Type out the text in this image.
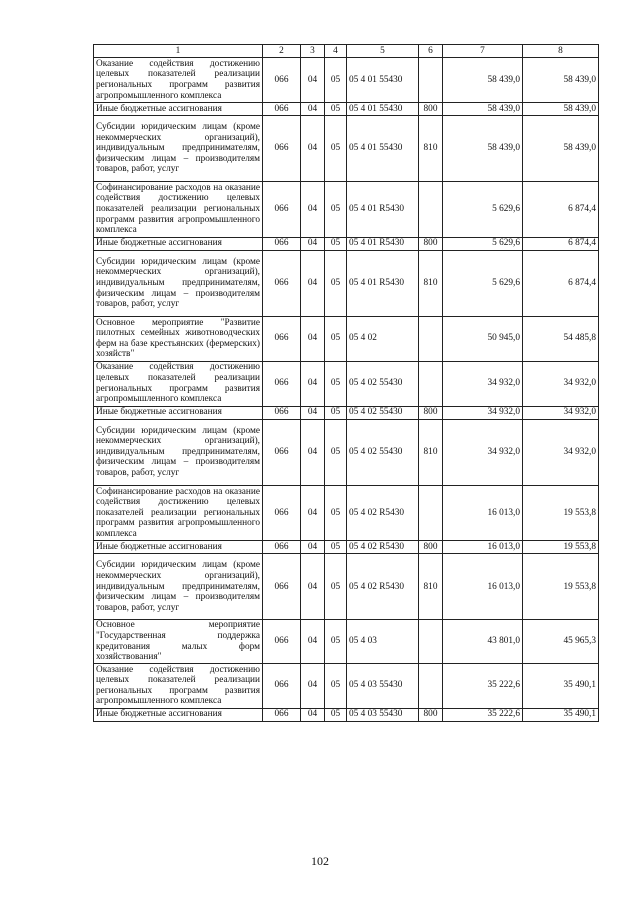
1	2	3	4	5	6	7	8
Оказание содействия достижению целевых показателей реализации региональных программ развития агропромышленного комплекса	066	04	05	05 4 01 55430		58 439,0	58 439,0
Иные бюджетные ассигнования	066	04	05	05 4 01 55430	800	58 439,0	58 439,0
Субсидии юридическим лицам (кроме некоммерческих организаций), индивидуальным предпринимателям, физическим лицам – производителям товаров, работ, услуг	066	04	05	05 4 01 55430	810	58 439,0	58 439,0
Софинансирование расходов на оказание содействия достижению целевых показателей реализации региональных программ развития агропромышленного комплекса	066	04	05	05 4 01 R5430		5 629,6	6 874,4
Иные бюджетные ассигнования	066	04	05	05 4 01 R5430	800	5 629,6	6 874,4
Субсидии юридическим лицам (кроме некоммерческих организаций), индивидуальным предпринимателям, физическим лицам – производителям товаров, работ, услуг	066	04	05	05 4 01 R5430	810	5 629,6	6 874,4
Основное мероприятие "Развитие пилотных семейных животноводческих ферм на базе крестьянских (фермерских) хозяйств"	066	04	05	05 4 02		50 945,0	54 485,8
Оказание содействия достижению целевых показателей реализации региональных программ развития агропромышленного комплекса	066	04	05	05 4 02 55430		34 932,0	34 932,0
Иные бюджетные ассигнования	066	04	05	05 4 02 55430	800	34 932,0	34 932,0
Субсидии юридическим лицам (кроме некоммерческих организаций), индивидуальным предпринимателям, физическим лицам – производителям товаров, работ, услуг	066	04	05	05 4 02 55430	810	34 932,0	34 932,0
Софинансирование расходов на оказание содействия достижению целевых показателей реализации региональных программ развития агропромышленного комплекса	066	04	05	05 4 02 R5430		16 013,0	19 553,8
Иные бюджетные ассигнования	066	04	05	05 4 02 R5430	800	16 013,0	19 553,8
Субсидии юридическим лицам (кроме некоммерческих организаций), индивидуальным предпринимателям, физическим лицам – производителям товаров, работ, услуг	066	04	05	05 4 02 R5430	810	16 013,0	19 553,8
Основное мероприятие "Государственная поддержка кредитования малых форм хозяйствования"	066	04	05	05 4 03		43 801,0	45 965,3
Оказание содействия достижению целевых показателей реализации региональных программ развития агропромышленного комплекса	066	04	05	05 4 03 55430		35 222,6	35 490,1
Иные бюджетные ассигнования	066	04	05	05 4 03 55430	800	35 222,6	35 490,1
102
